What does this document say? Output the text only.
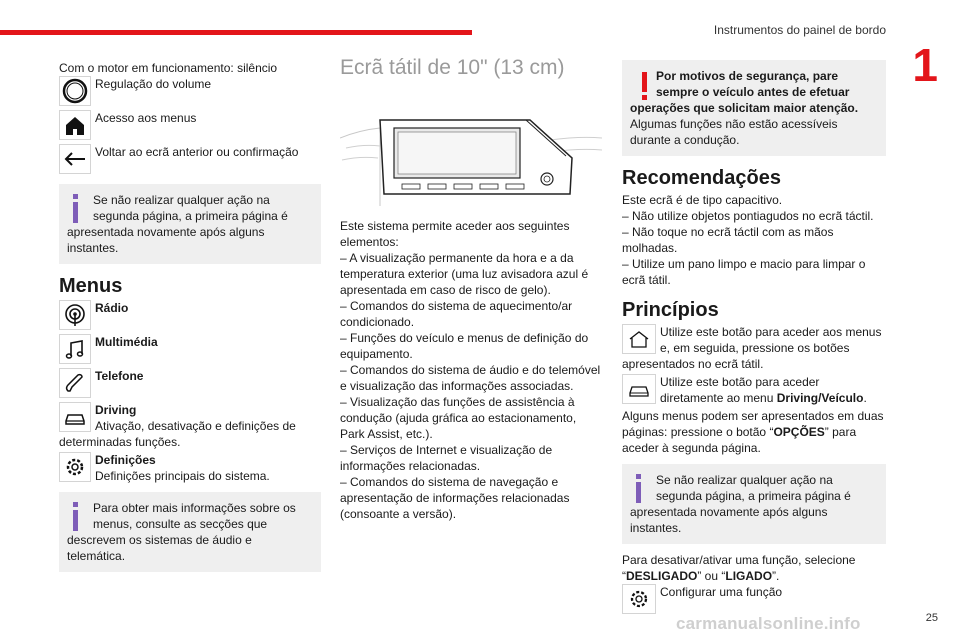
Instrumentos do painel de bordo
1
25
carmanualsonline.info
Com o motor em funcionamento: silêncio
Regulação do volume
Acesso aos menus
Voltar ao ecrã anterior ou confirmação
Se não realizar qualquer ação na segunda página, a primeira página é apresentada novamente após alguns instantes.
Menus
Rádio
Multimédia
Telefone
Driving
Ativação, desativação e definições de determinadas funções.
Definições
Definições principais do sistema.
Para obter mais informações sobre os menus, consulte as secções que descrevem os sistemas de áudio e telemática.
Ecrã tátil de 10" (13 cm)
Este sistema permite aceder aos seguintes elementos:
– A visualização permanente da hora e a da temperatura exterior (uma luz avisadora azul é apresentada em caso de risco de gelo).
– Comandos do sistema de aquecimento/ar condicionado.
– Funções do veículo e menus de definição do equipamento.
– Comandos do sistema de áudio e do telemóvel e visualização das informações associadas.
– Visualização das funções de assistência à condução (ajuda gráfica ao estacionamento, Park Assist, etc.).
– Serviços de Internet e visualização de informações relacionadas.
– Comandos do sistema de navegação e apresentação de informações relacionadas (consoante a versão).
Por motivos de segurança, pare sempre o veículo antes de efetuar operações que solicitam maior atenção.
Algumas funções não estão acessíveis durante a condução.
Recomendações
Este ecrã é de tipo capacitivo.
– Não utilize objetos pontiagudos no ecrã táctil.
– Não toque no ecrã táctil com as mãos molhadas.
– Utilize um pano limpo e macio para limpar o ecrã tátil.
Princípios
Utilize este botão para aceder aos menus e, em seguida, pressione os botões apresentados no ecrã tátil.
Utilize este botão para aceder diretamente ao menu Driving/Veículo.
Alguns menus podem ser apresentados em duas páginas: pressione o botão “OPÇÕES” para aceder à segunda página.
Se não realizar qualquer ação na segunda página, a primeira página é apresentada novamente após alguns instantes.
Para desativar/ativar uma função, selecione “DESLIGADO” ou “LIGADO”.
Configurar uma função
